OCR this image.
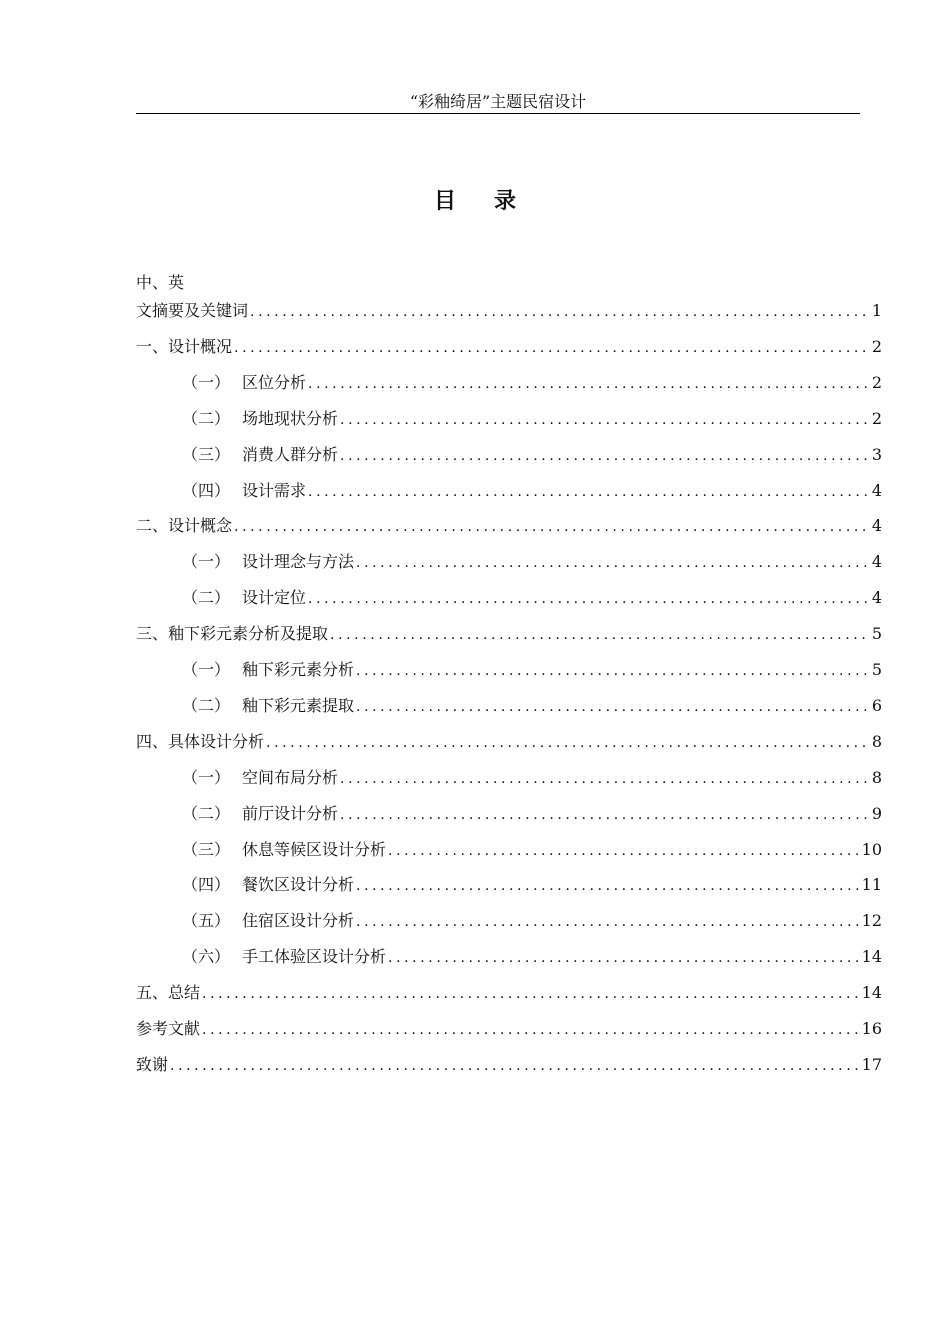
“彩釉绮居”主题民宿设计
目录
中、英
文摘要及关键词 .....	1
一、设计概况 .....	2
（一） 区位分析 .....	2
（二） 场地现状分析 .....	2
（三） 消费人群分析 .....	3
（四） 设计需求 .....	4
二、设计概念 .....	4
（一） 设计理念与方法 .....	4
（二） 设计定位 .....	4
三、釉下彩元素分析及提取 .....	5
（一） 釉下彩元素分析 .....	5
（二） 釉下彩元素提取 .....	6
四、具体设计分析 .....	8
（一） 空间布局分析 .....	8
（二） 前厅设计分析 .....	9
（三） 休息等候区设计分析 .....	10
（四） 餐饮区设计分析 .....	11
（五） 住宿区设计分析 .....	12
（六） 手工体验区设计分析 .....	14
五、总结 .....	14
参考文献 .....	16
致谢 .....	17
